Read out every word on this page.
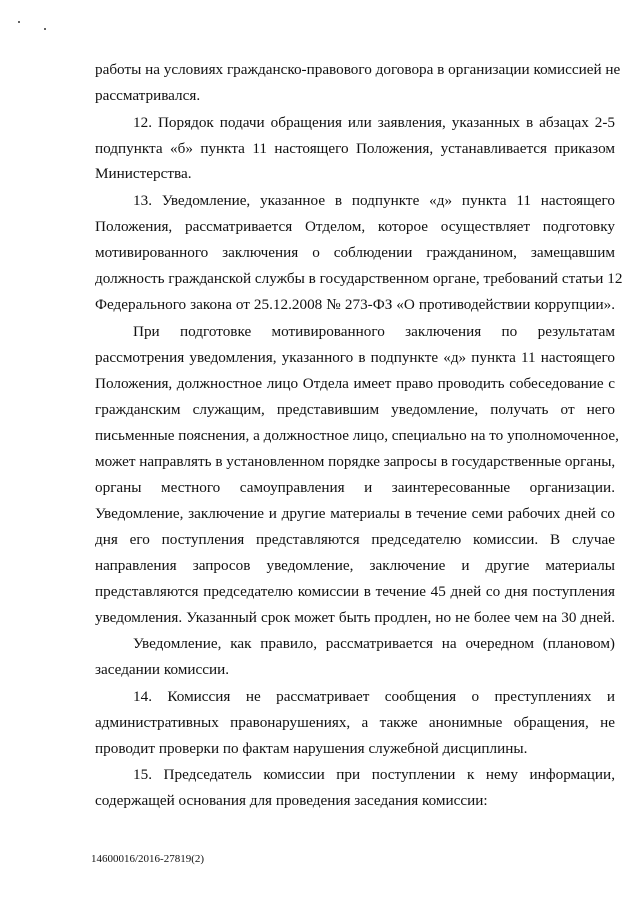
работы на условиях гражданско-правового договора в организации комиссией не
рассматривался.
12. Порядок подачи обращения или заявления, указанных в абзацах 2-5
подпункта «б» пункта 11 настоящего Положения, устанавливается приказом
Министерства.
13. Уведомление, указанное в подпункте «д» пункта 11 настоящего
Положения, рассматривается Отделом, которое осуществляет подготовку
мотивированного заключения о соблюдении гражданином, замещавшим
должность гражданской службы в государственном органе, требований статьи 12
Федерального закона от 25.12.2008 № 273-ФЗ «О противодействии коррупции».
При подготовке мотивированного заключения по результатам
рассмотрения уведомления, указанного в подпункте «д» пункта 11 настоящего
Положения, должностное лицо Отдела имеет право проводить собеседование с
гражданским служащим, представившим уведомление, получать от него
письменные пояснения, а должностное лицо, специально на то уполномоченное,
может направлять в установленном порядке запросы в государственные органы,
органы местного самоуправления и заинтересованные организации.
Уведомление, заключение и другие материалы в течение семи рабочих дней со
дня его поступления представляются председателю комиссии. В случае
направления запросов уведомление, заключение и другие материалы
представляются председателю комиссии в течение 45 дней со дня поступления
уведомления. Указанный срок может быть продлен, но не более чем на 30 дней.
Уведомление, как правило, рассматривается на очередном (плановом)
заседании комиссии.
14. Комиссия не рассматривает сообщения о преступлениях и
административных правонарушениях, а также анонимные обращения, не
проводит проверки по фактам нарушения служебной дисциплины.
15. Председатель комиссии при поступлении к нему информации,
содержащей основания для проведения заседания комиссии:
14600016/2016-27819(2)
